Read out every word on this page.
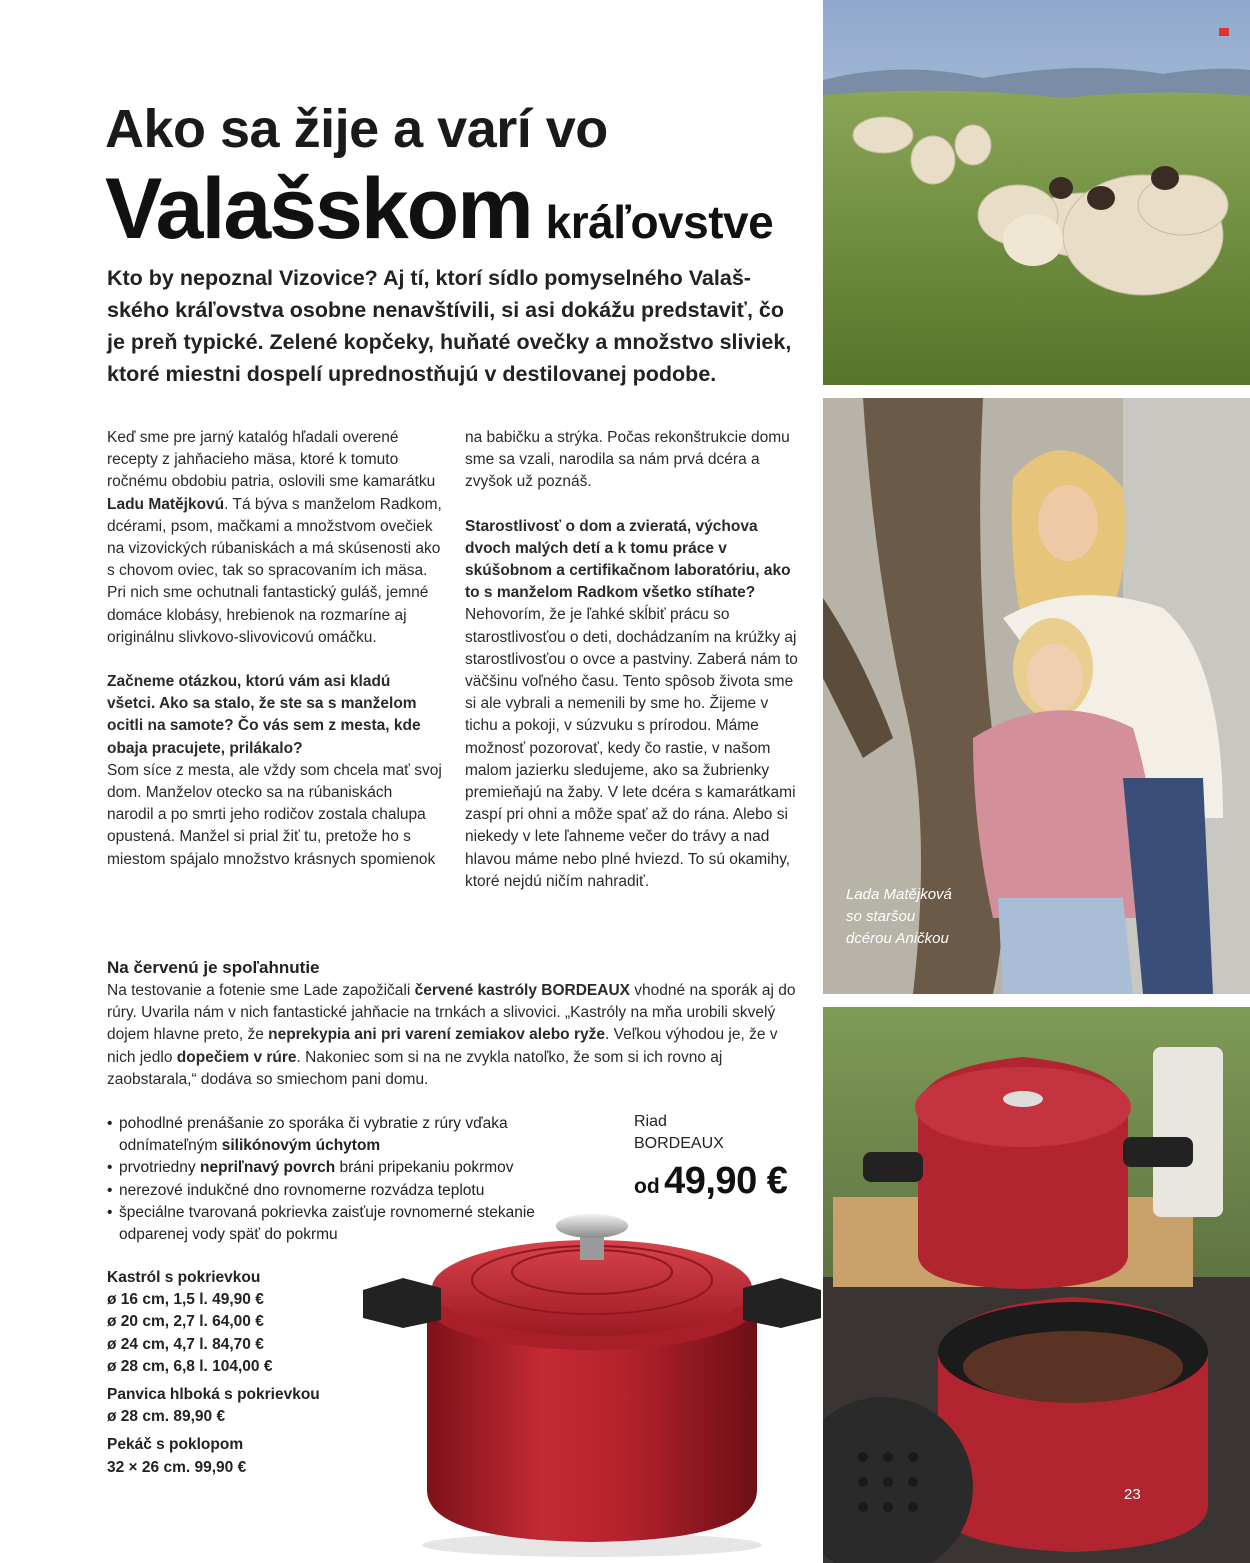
Ako sa žije a varí vo
Valašskom kráľovstve

Kto by nepoznal Vizovice? Aj tí, ktorí sídlo pomyselného Valaš-ského kráľovstva osobne nenavštívili, si asi dokážu predstaviť, čo je preň typické. Zelené kopčeky, huňaté ovečky a množstvo sliviek, ktoré miestni dospelí uprednostňujú v destilovanej podobe.

Keď sme pre jarný katalóg hľadali overené recepty z jahňacieho mäsa, ktoré k tomuto ročnému obdobiu patria, oslovili sme kamarátku Ladu Matějkovú. Tá býva s manželom Radkom, dcérami, psom, mačkami a množstvom ovečiek na vizovických rúbaniskách a má skúsenosti ako s chovom oviec, tak so spracovaním ich mäsa. Pri nich sme ochutnali fantastický guláš, jemné domáce klobásy, hrebienok na rozmaríne aj originálnu slivkovo-slivovicovú omáčku.

Začneme otázkou, ktorú vám asi kladú všetci. Ako sa stalo, že ste sa s manželom ocitli na samote? Čo vás sem z mesta, kde obaja pracujete, prilákalo?
Som síce z mesta, ale vždy som chcela mať svoj dom. Manželov otecko sa na rúbaniskách narodil a po smrti jeho rodičov zostala chalupa opustená. Manžel si prial žiť tu, pretože ho s miestom spájalo množstvo krásnych spomienok

na babičku a strýka. Počas rekonštrukcie domu sme sa vzali, narodila sa nám prvá dcéra a zvyšok už poznáš.

Starostlivosť o dom a zvieratá, výchova dvoch malých detí a k tomu práce v skúšobnom a certifikačnom laboratóriu, ako to s manželom Radkom všetko stíhate?
Nehovorím, že je ľahké skĺbiť prácu so starostlivosťou o deti, dochádzaním na krúžky aj starostlivosťou o ovce a pastviny. Zaberá nám to väčšinu voľného času. Tento spôsob života sme si ale vybrali a nemenili by sme ho. Žijeme v tichu a pokoji, v súzvuku s prírodou. Máme možnosť pozorovať, kedy čo rastie, v našom malom jazierku sledujeme, ako sa žubrienky premieňajú na žaby. V lete dcéra s kamarátkami zaspí pri ohni a môže spať až do rána. Alebo si niekedy v lete ľahneme večer do trávy a nad hlavou máme nebo plné hviezd. To sú okamihy, ktoré nejdú ničím nahradiť.

Na červenú je spoľahnutie

Na testovanie a fotenie sme Lade zapožičali červené kastróly BORDEAUX vhodné na sporák aj do rúry. Uvarila nám v nich fantastické jahňacie na trnkách a slivovici. „Kastróly na mňa urobili skvelý dojem hlavne preto, že neprekypia ani pri varení zemiakov alebo ryže. Veľkou výhodou je, že v nich jedlo dopečiem v rúre. Nakoniec som si na ne zvykla natoľko, že som si ich rovno aj zaobstarala,“ dodáva so smiechom pani domu.

• pohodlné prenášanie zo sporáka či vybratie z rúry vďaka odnímateľným silikónovým úchytom
• prvotriedny nepriľnavý povrch bráni pripekaniu pokrmov
• nerezové indukčné dno rovnomerne rozvádza teplotu
• špeciálne tvarovaná pokrievka zaisťuje rovnomerné stekanie odparenej vody späť do pokrmu
Riad
BORDEAUX
od 49,90 €
Kastról s pokrievkou
ø 16 cm, 1,5 l. 49,90 €
ø 20 cm, 2,7 l. 64,00 €
ø 24 cm, 4,7 l. 84,70 €
ø 28 cm, 6,8 l. 104,00 €
Panvica hlboká s pokrievkou
ø 28 cm. 89,90 €
Pekáč s poklopom
32 × 26 cm. 99,90 €
Lada Matějková
so staršou
dcérou Aničkou
23
